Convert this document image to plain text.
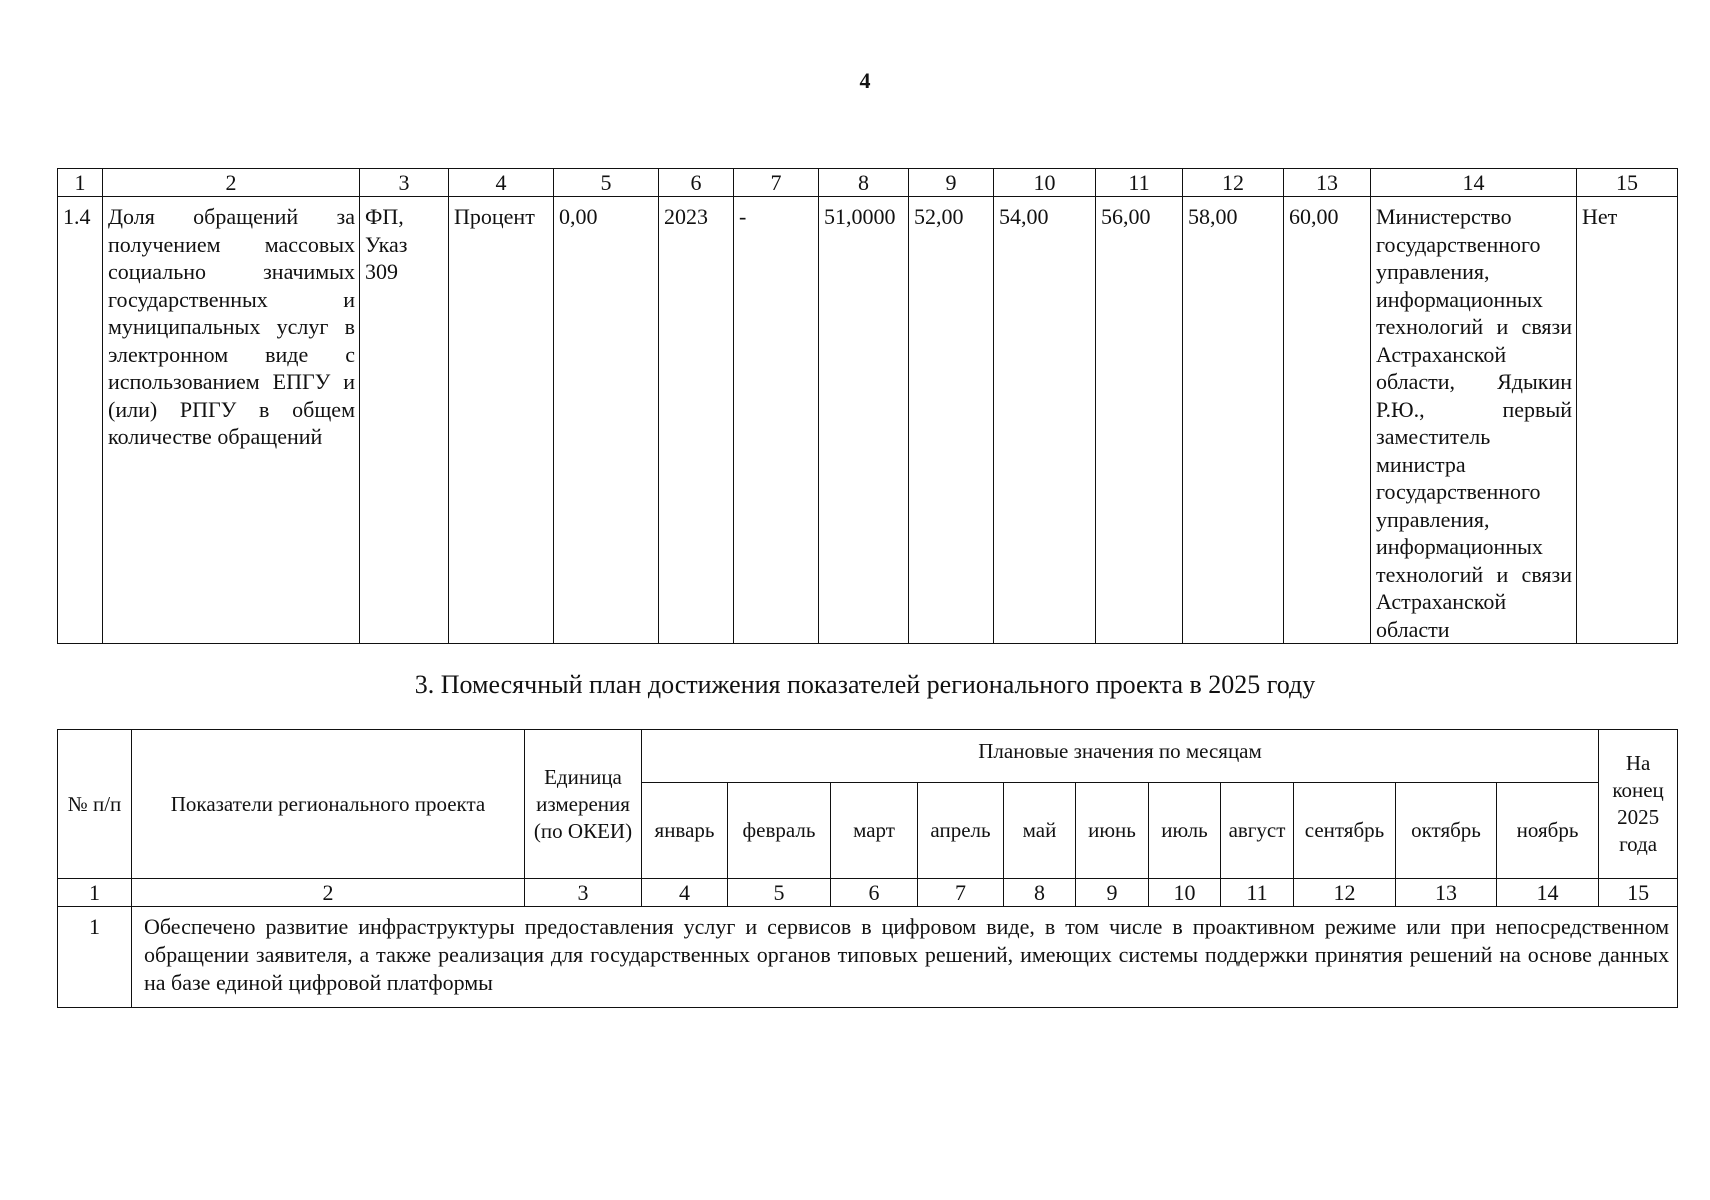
4
1	2	3	4	5	6	7	8	9	10	11	12	13	14	15
1.4	Доля обращений за получением массовых социально значимых государственных и муниципальных услуг в электронном виде с использованием ЕПГУ и (или) РПГУ в общем количестве обращений	ФП, Указ 309	Процент	0,00	2023	-	51,0000	52,00	54,00	56,00	58,00	60,00	Министерство государственного управления, информационных технологий и связи Астраханской области, Ядыкин Р.Ю., первый заместитель министра государственного управления, информационных технологий и связи Астраханской области	Нет
3. Помесячный план достижения показателей регионального проекта в 2025 году
№ п/п	Показатели регионального проекта	Единица измерения (по ОКЕИ)	Плановые значения по месяцам											На конец 2025 года
			январь	февраль	март	апрель	май	июнь	июль	август	сентябрь	октябрь	ноябрь	
1	2	3	4	5	6	7	8	9	10	11	12	13	14	15
1	Обеспечено развитие инфраструктуры предоставления услуг и сервисов в цифровом виде, в том числе в проактивном режиме или при непосредственном обращении заявителя, а также реализация для государственных органов типовых решений, имеющих системы поддержки принятия решений на основе данных на базе единой цифровой платформы													
